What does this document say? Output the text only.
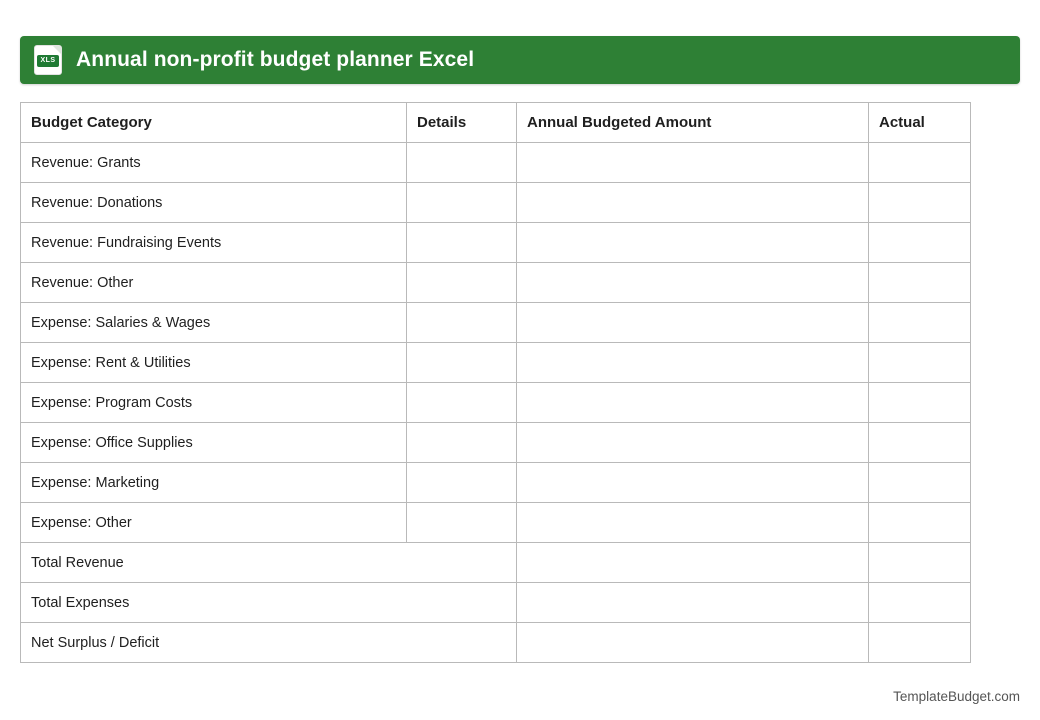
XLS Annual non-profit budget planner Excel
Budget Category	Details	Annual Budgeted Amount	Actual
Revenue: Grants			
Revenue: Donations			
Revenue: Fundraising Events			
Revenue: Other			
Expense: Salaries & Wages			
Expense: Rent & Utilities			
Expense: Program Costs			
Expense: Office Supplies			
Expense: Marketing			
Expense: Other			
Total Revenue			
Total Expenses			
Net Surplus / Deficit			
TemplateBudget.com
